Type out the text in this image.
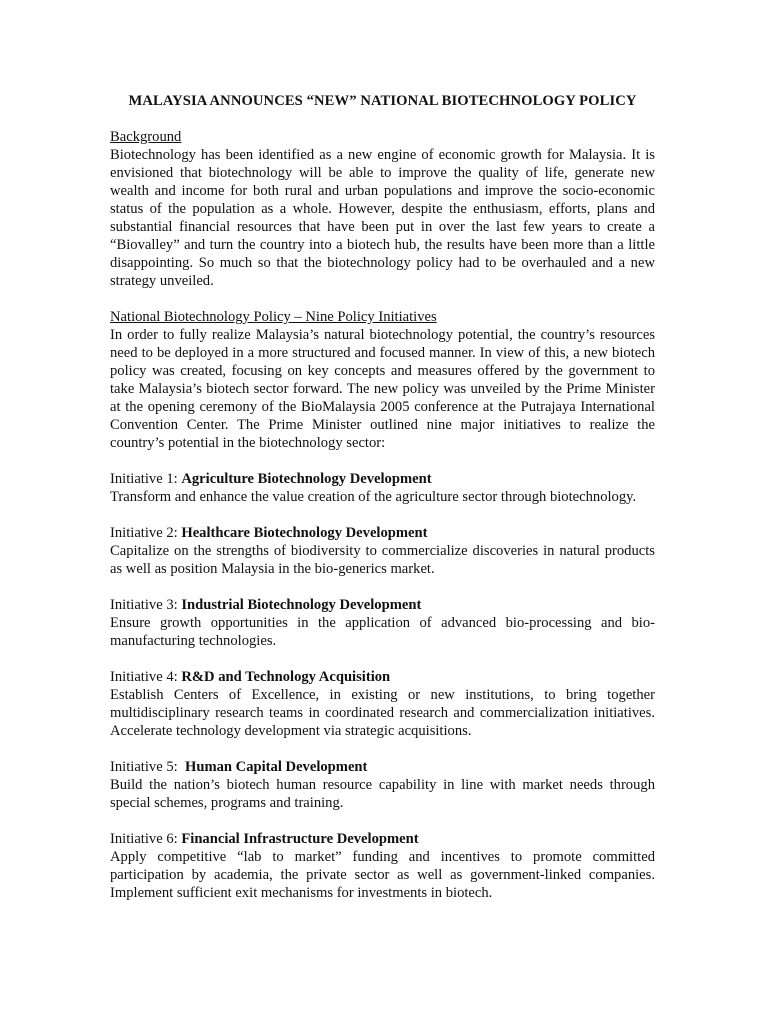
MALAYSIA ANNOUNCES “NEW” NATIONAL BIOTECHNOLOGY POLICY

Background

Biotechnology has been identified as a new engine of economic growth for Malaysia. It is envisioned that biotechnology will be able to improve the quality of life, generate new wealth and income for both rural and urban populations and improve the socio-economic status of the population as a whole. However, despite the enthusiasm, efforts, plans and substantial financial resources that have been put in over the last few years to create a “Biovalley” and turn the country into a biotech hub, the results have been more than a little disappointing. So much so that the biotechnology policy had to be overhauled and a new strategy unveiled.

National Biotechnology Policy – Nine Policy Initiatives

In order to fully realize Malaysia’s natural biotechnology potential, the country’s resources need to be deployed in a more structured and focused manner. In view of this, a new biotech policy was created, focusing on key concepts and measures offered by the government to take Malaysia’s biotech sector forward. The new policy was unveiled by the Prime Minister at the opening ceremony of the BioMalaysia 2005 conference at the Putrajaya International Convention Center. The Prime Minister outlined nine major initiatives to realize the country’s potential in the biotechnology sector:

Initiative 1: Agriculture Biotechnology Development

Transform and enhance the value creation of the agriculture sector through biotechnology.

Initiative 2: Healthcare Biotechnology Development

Capitalize on the strengths of biodiversity to commercialize discoveries in natural products as well as position Malaysia in the bio-generics market.

Initiative 3: Industrial Biotechnology Development

Ensure growth opportunities in the application of advanced bio-processing and bio-manufacturing technologies.

Initiative 4: R&D and Technology Acquisition

Establish Centers of Excellence, in existing or new institutions, to bring together multidisciplinary research teams in coordinated research and commercialization initiatives. Accelerate technology development via strategic acquisitions.

Initiative 5:  Human Capital Development

Build the nation’s biotech human resource capability in line with market needs through special schemes, programs and training.

Initiative 6: Financial Infrastructure Development

Apply competitive “lab to market” funding and incentives to promote committed participation by academia, the private sector as well as government-linked companies. Implement sufficient exit mechanisms for investments in biotech.
